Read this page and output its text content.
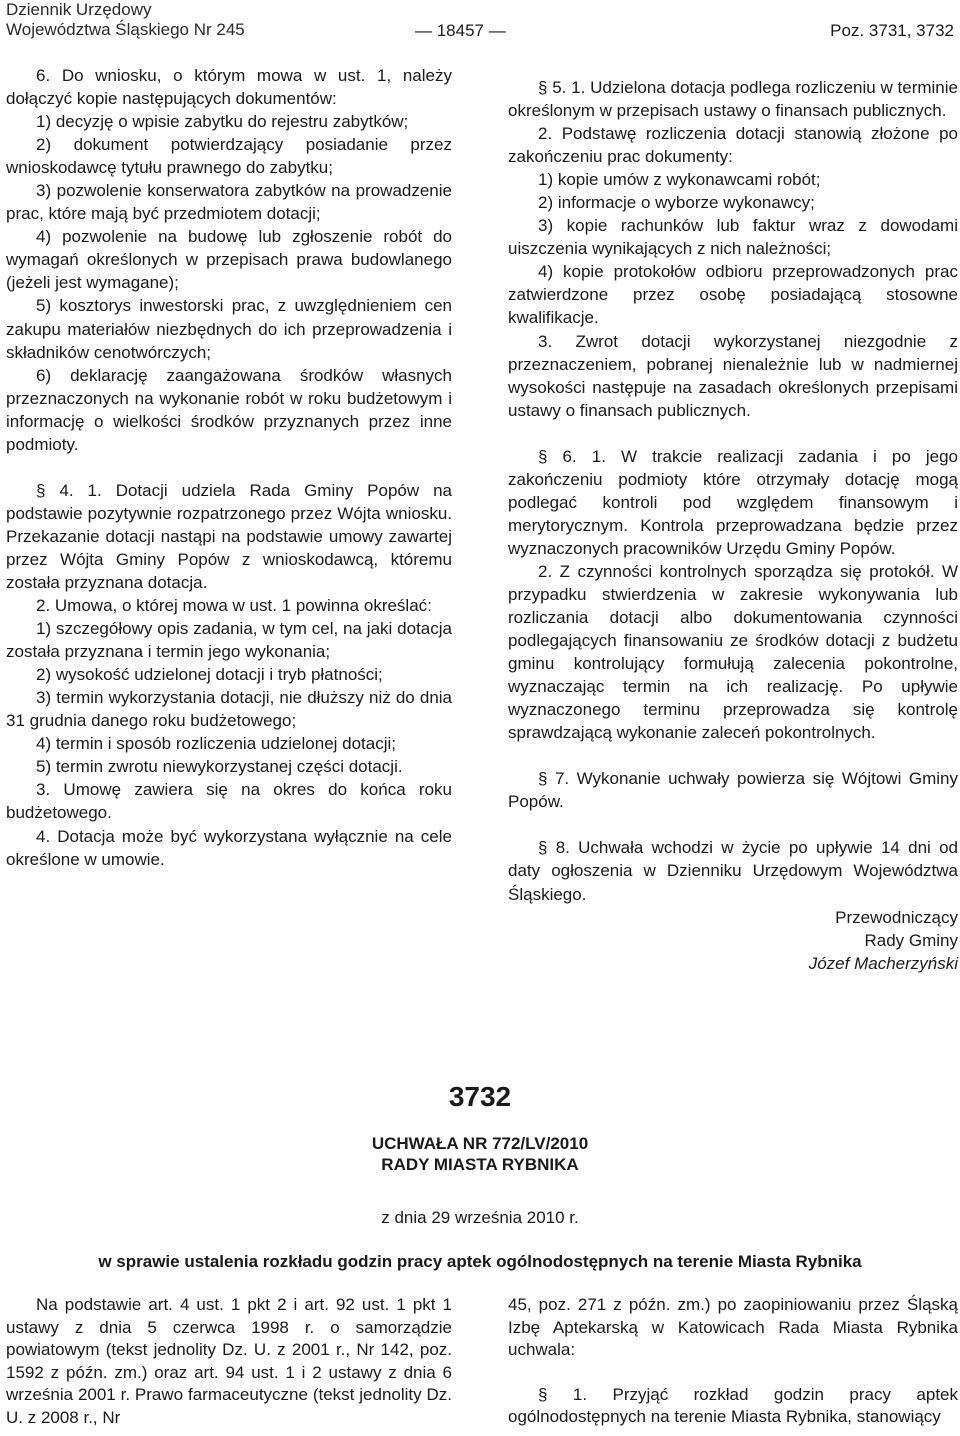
Dziennik Urzędowy
Województwa Śląskiego Nr 245	— 18457 —	Poz. 3731, 3732

6. Do wniosku, o którym mowa w ust. 1, należy dołączyć kopie następujących dokumentów:

1) decyzję o wpisie zabytku do rejestru zabytków;

2) dokument potwierdzający posiadanie przez wnioskodawcę tytułu prawnego do zabytku;

3) pozwolenie konserwatora zabytków na prowadzenie prac, które mają być przedmiotem dotacji;

4) pozwolenie na budowę lub zgłoszenie robót do wymagań określonych w przepisach prawa budowlanego (jeżeli jest wymagane);

5) kosztorys inwestorski prac, z uwzględnieniem cen zakupu materiałów niezbędnych do ich przeprowadzenia i składników cenotwórczych;

6) deklarację zaangażowana środków własnych przeznaczonych na wykonanie robót w roku budżetowym i informację o wielkości środków przyznanych przez inne podmioty.

§ 4. 1. Dotacji udziela Rada Gminy Popów na podstawie pozytywnie rozpatrzonego przez Wójta wniosku. Przekazanie dotacji nastąpi na podstawie umowy zawartej przez Wójta Gminy Popów z wnioskodawcą, któremu została przyznana dotacja.

2. Umowa, o której mowa w ust. 1 powinna określać:

1) szczegółowy opis zadania, w tym cel, na jaki dotacja została przyznana i termin jego wykonania;

2) wysokość udzielonej dotacji i tryb płatności;

3) termin wykorzystania dotacji, nie dłuższy niż do dnia 31 grudnia danego roku budżetowego;

4) termin i sposób rozliczenia udzielonej dotacji;

5) termin zwrotu niewykorzystanej części dotacji.

3. Umowę zawiera się na okres do końca roku budżetowego.

4. Dotacja może być wykorzystana wyłącznie na cele określone w umowie.

§ 5. 1. Udzielona dotacja podlega rozliczeniu w terminie określonym w przepisach ustawy o finansach publicznych.

2. Podstawę rozliczenia dotacji stanowią złożone po zakończeniu prac dokumenty:

1) kopie umów z wykonawcami robót;

2) informacje o wyborze wykonawcy;

3) kopie rachunków lub faktur wraz z dowodami uiszczenia wynikających z nich należności;

4) kopie protokołów odbioru przeprowadzonych prac zatwierdzone przez osobę posiadającą stosowne kwalifikacje.

3. Zwrot dotacji wykorzystanej niezgodnie z przeznaczeniem, pobranej nienależnie lub w nadmiernej wysokości następuje na zasadach określonych przepisami ustawy o finansach publicznych.

§ 6. 1. W trakcie realizacji zadania i po jego zakończeniu podmioty które otrzymały dotację mogą podlegać kontroli pod względem finansowym i merytorycznym. Kontrola przeprowadzana będzie przez wyznaczonych pracowników Urzędu Gminy Popów.

2. Z czynności kontrolnych sporządza się protokół. W przypadku stwierdzenia w zakresie wykonywania lub rozliczania dotacji albo dokumentowania czynności podlegających finansowaniu ze środków dotacji z budżetu gminu kontrolujący formułują zalecenia pokontrolne, wyznaczając termin na ich realizację. Po upływie wyznaczonego terminu przeprowadza się kontrolę sprawdzającą wykonanie zaleceń pokontrolnych.

§ 7. Wykonanie uchwały powierza się Wójtowi Gminy Popów.

§ 8. Uchwała wchodzi w życie po upływie 14 dni od daty ogłoszenia w Dzienniku Urzędowym Województwa Śląskiego.

Przewodniczący

Rady Gminy

Józef Macherzyński

3732
UCHWAŁA NR 772/LV/2010
RADY MIASTA RYBNIKA
z dnia 29 września 2010 r.
w sprawie ustalenia rozkładu godzin pracy aptek ogólnodostępnych na terenie Miasta Rybnika

Na podstawie art. 4 ust. 1 pkt 2 i art. 92 ust. 1 pkt 1 ustawy z dnia 5 czerwca 1998 r. o samorządzie powiatowym (tekst jednolity Dz. U. z 2001 r., Nr 142, poz. 1592 z późn. zm.) oraz art. 94 ust. 1 i 2 ustawy z dnia 6 września 2001 r. Prawo farmaceutyczne (tekst jednolity Dz. U. z 2008 r., Nr

45, poz. 271 z późn. zm.) po zaopiniowaniu przez Śląską Izbę Aptekarską w Katowicach Rada Miasta Rybnika uchwala:

§ 1. Przyjąć rozkład godzin pracy aptek ogólnodostępnych na terenie Miasta Rybnika, stanowiący
